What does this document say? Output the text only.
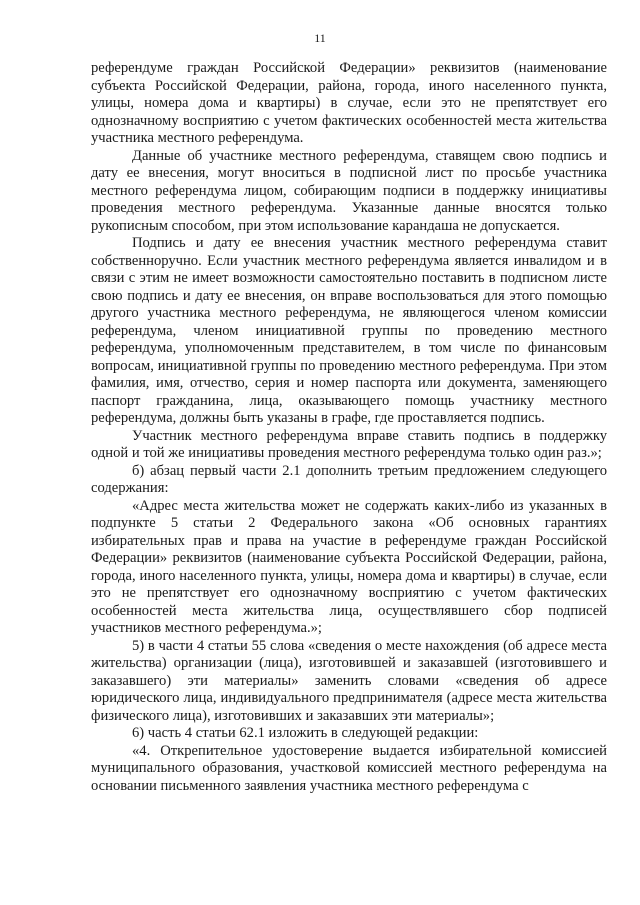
11

референдуме граждан Российской Федерации» реквизитов (наименование субъекта Российской Федерации, района, города, иного населенного пункта, улицы, номера дома и квартиры) в случае, если это не препятствует его однозначному восприятию с учетом фактических особенностей места жительства участника местного референдума.

Данные об участнике местного референдума, ставящем свою подпись и дату ее внесения, могут вноситься в подписной лист по просьбе участника местного референдума лицом, собирающим подписи в поддержку инициативы проведения местного референдума. Указанные данные вносятся только рукописным способом, при этом использование карандаша не допускается.

Подпись и дату ее внесения участник местного референдума ставит собственноручно. Если участник местного референдума является инвалидом и в связи с этим не имеет возможности самостоятельно поставить в подписном листе свою подпись и дату ее внесения, он вправе воспользоваться для этого помощью другого участника местного референдума, не являющегося членом комиссии референдума, членом инициативной группы по проведению местного референдума, уполномоченным представителем, в том числе по финансовым вопросам, инициативной группы по проведению местного референдума. При этом фамилия, имя, отчество, серия и номер паспорта или документа, заменяющего паспорт гражданина, лица, оказывающего помощь участнику местного референдума, должны быть указаны в графе, где проставляется подпись.

Участник местного референдума вправе ставить подпись в поддержку одной и той же инициативы проведения местного референдума только один раз.»;

б) абзац первый части 2.1 дополнить третьим предложением следующего содержания:

«Адрес места жительства может не содержать каких-либо из указанных в подпункте 5 статьи 2 Федерального закона «Об основных гарантиях избирательных прав и права на участие в референдуме граждан Российской Федерации» реквизитов (наименование субъекта Российской Федерации, района, города, иного населенного пункта, улицы, номера дома и квартиры) в случае, если это не препятствует его однозначному восприятию с учетом фактических особенностей места жительства лица, осуществлявшего сбор подписей участников местного референдума.»;

5) в части 4 статьи 55 слова «сведения о месте нахождения (об адресе места жительства) организации (лица), изготовившей и заказавшей (изготовившего и заказавшего) эти материалы» заменить словами «сведения об адресе юридического лица, индивидуального предпринимателя (адресе места жительства физического лица), изготовивших и заказавших эти материалы»;

6) часть 4 статьи 62.1 изложить в следующей редакции:

«4. Открепительное удостоверение выдается избирательной комиссией муниципального образования, участковой комиссией местного референдума на основании письменного заявления участника местного референдума с
